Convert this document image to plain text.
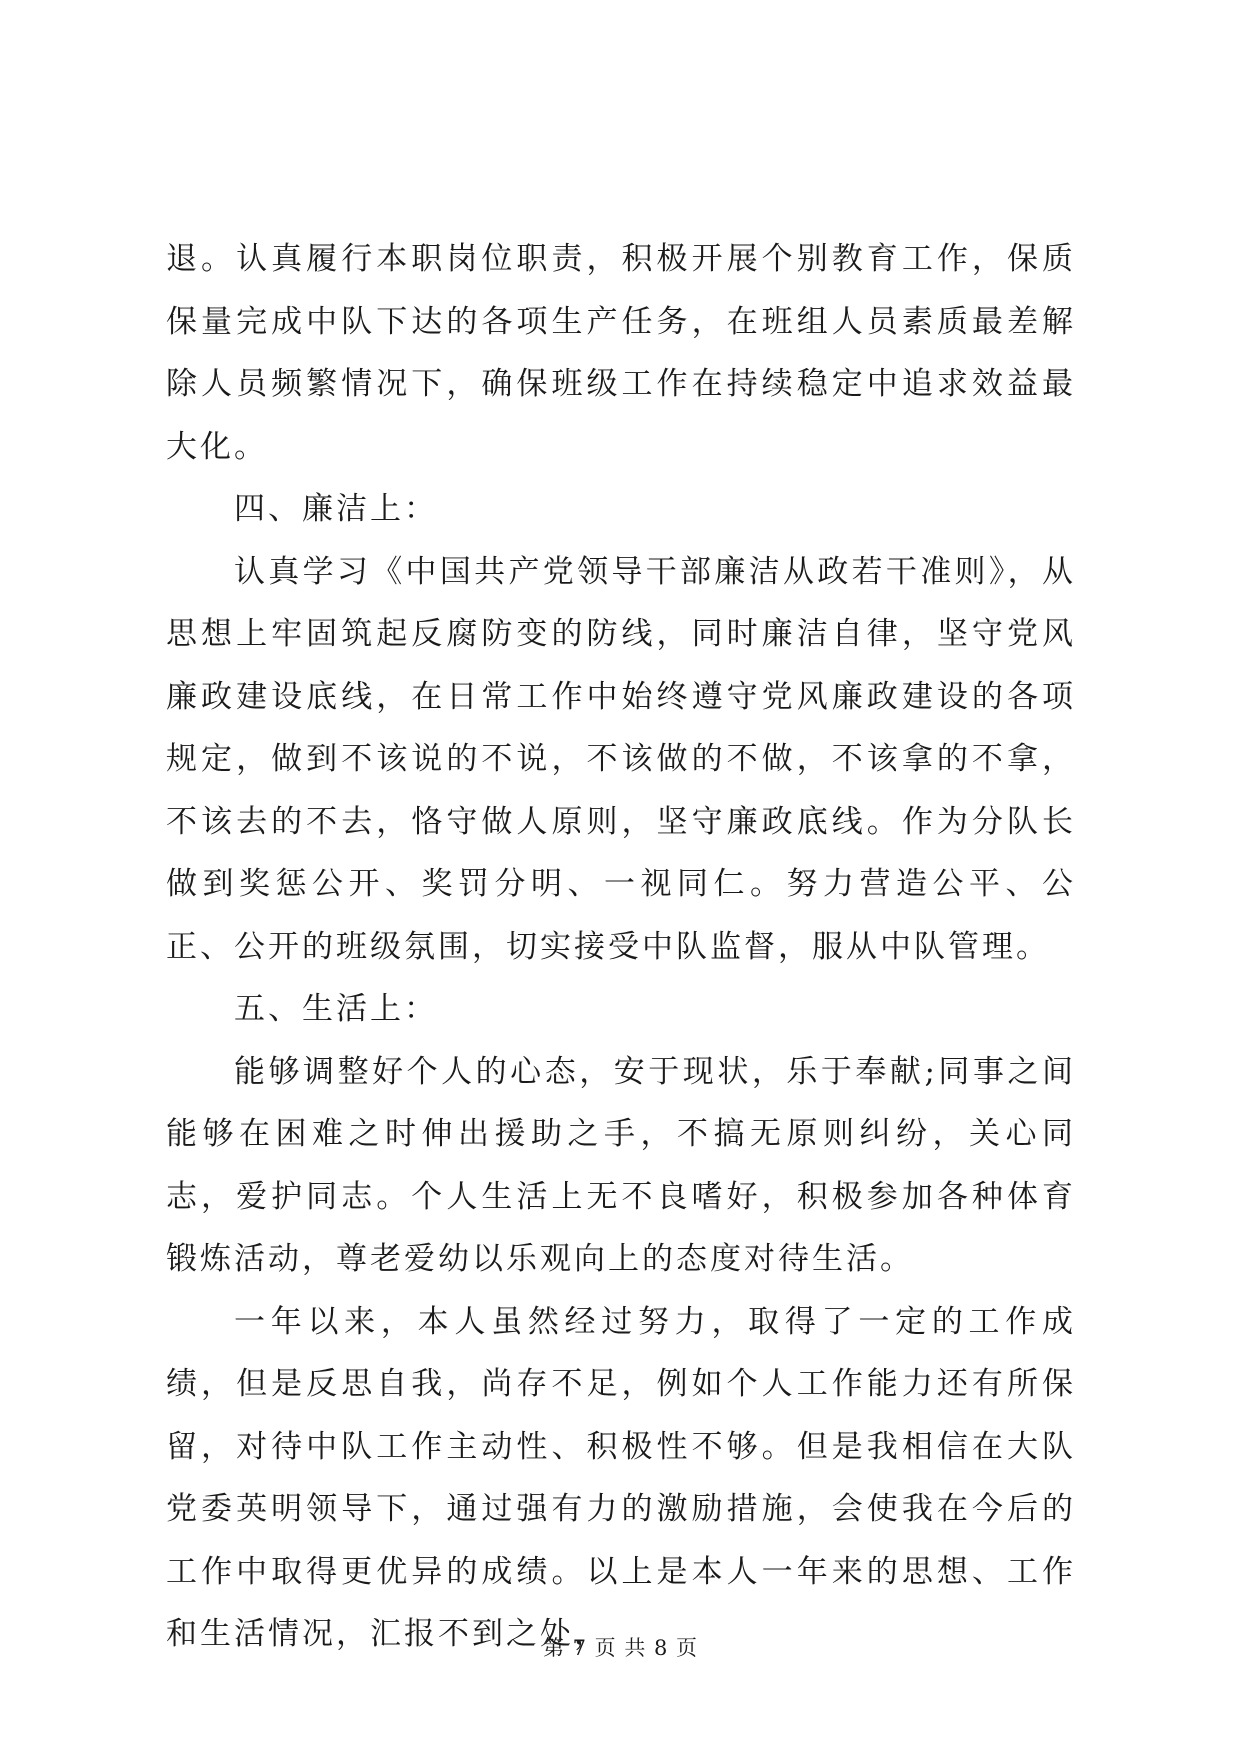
退。认真履行本职岗位职责，积极开展个别教育工作，保质保量完成中队下达的各项生产任务，在班组人员素质最差解除人员频繁情况下，确保班级工作在持续稳定中追求效益最大化。

四、廉洁上：

认真学习《中国共产党领导干部廉洁从政若干准则》，从思想上牢固筑起反腐防变的防线，同时廉洁自律，坚守党风廉政建设底线，在日常工作中始终遵守党风廉政建设的各项规定，做到不该说的不说，不该做的不做，不该拿的不拿，不该去的不去，恪守做人原则，坚守廉政底线。作为分队长做到奖惩公开、奖罚分明、一视同仁。努力营造公平、公正、公开的班级氛围，切实接受中队监督，服从中队管理。

五、生活上：

能够调整好个人的心态，安于现状，乐于奉献;同事之间能够在困难之时伸出援助之手，不搞无原则纠纷，关心同志，爱护同志。个人生活上无不良嗜好，积极参加各种体育锻炼活动，尊老爱幼以乐观向上的态度对待生活。

一年以来，本人虽然经过努力，取得了一定的工作成绩，但是反思自我，尚存不足，例如个人工作能力还有所保留，对待中队工作主动性、积极性不够。但是我相信在大队党委英明领导下，通过强有力的激励措施，会使我在今后的工作中取得更优异的成绩。以上是本人一年来的思想、工作和生活情况，汇报不到之处，

第 7 页 共 8 页
